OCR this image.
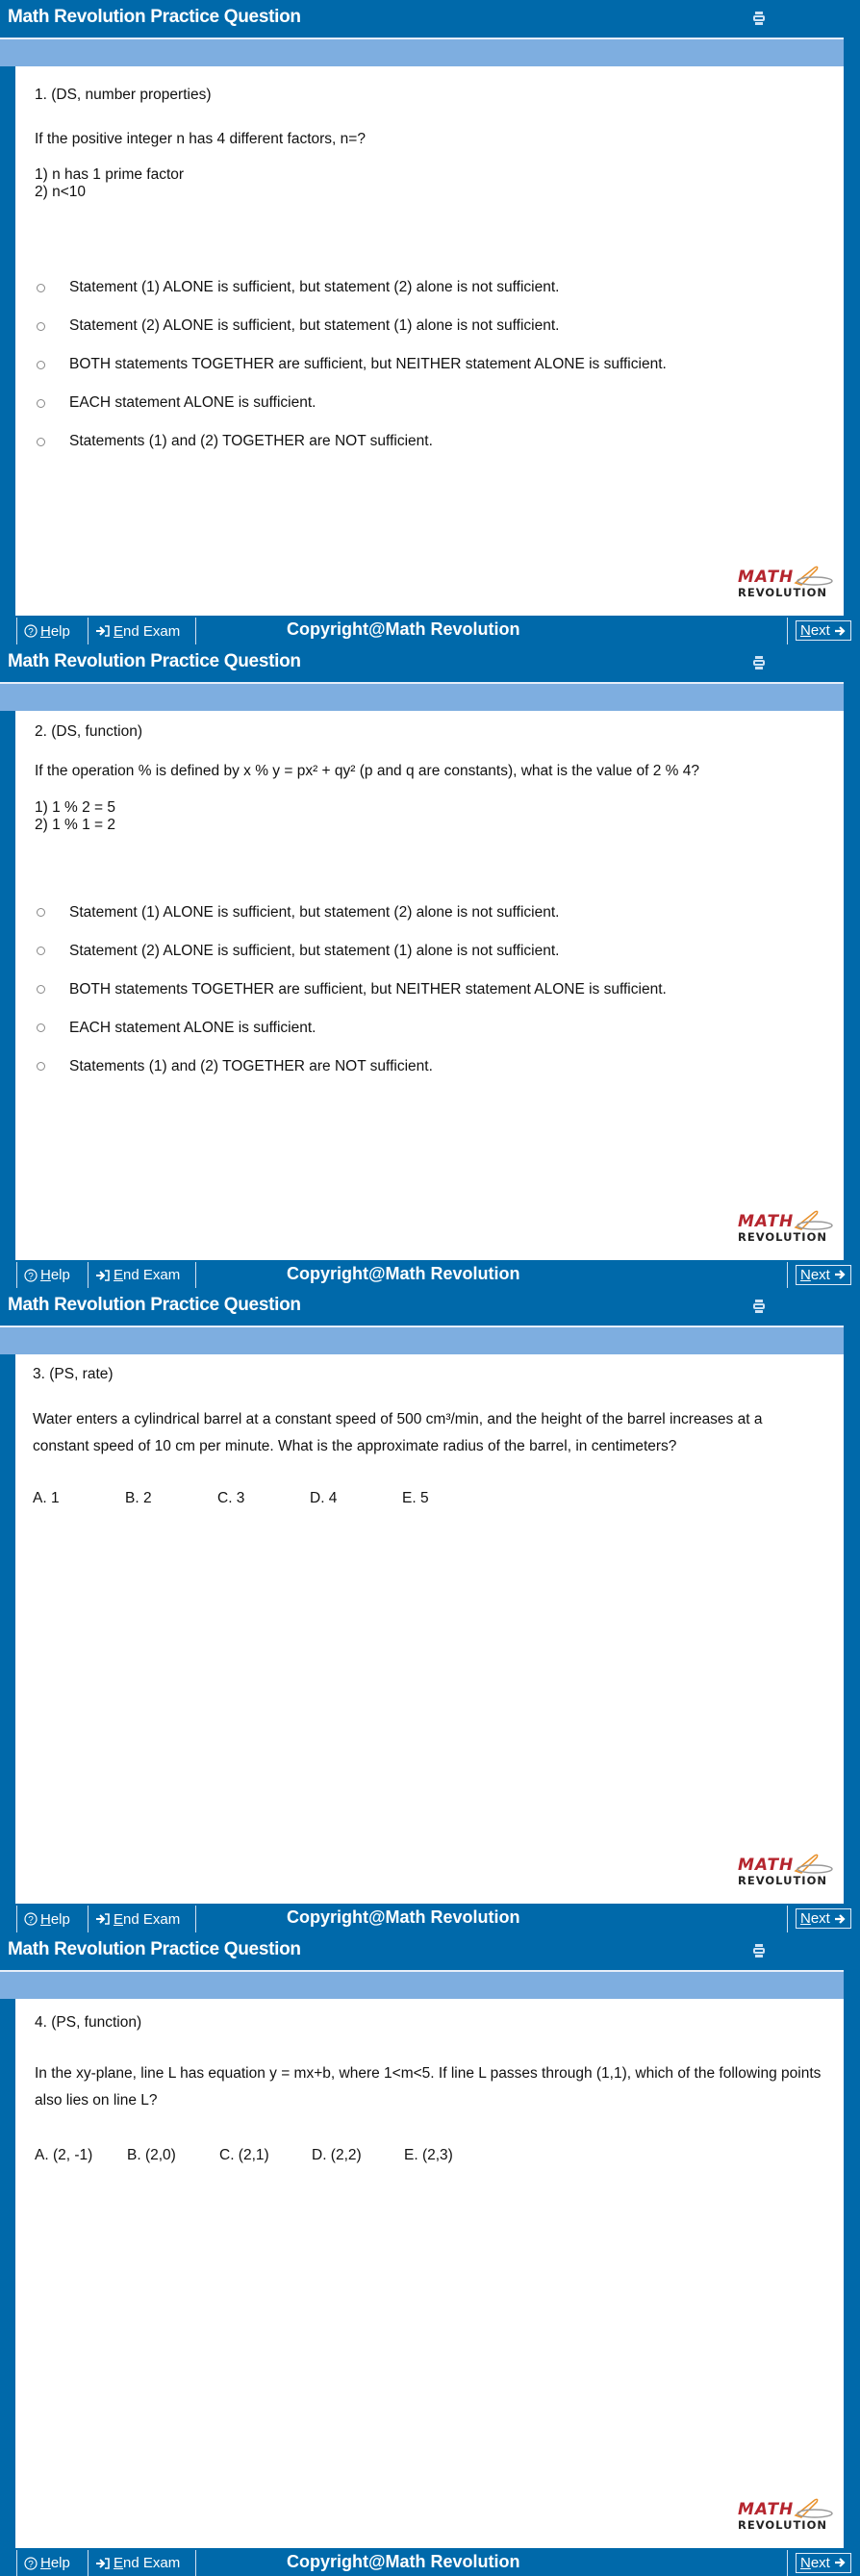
Math Revolution Practice Question
1. (DS, number properties)
If the positive integer n has 4 different factors, n=?
1) n has 1 prime factor
2) n<10
Statement (1) ALONE is sufficient, but statement (2) alone is not sufficient.
Statement (2) ALONE is sufficient, but statement (1) alone is not sufficient.
BOTH statements TOGETHER are sufficient, but NEITHER statement ALONE is sufficient.
EACH statement ALONE is sufficient.
Statements (1) and (2) TOGETHER are NOT sufficient.
MATH
REVOLUTION
? H elp	E nd Exam	Copyright@Math Revolution	N ext
Math Revolution Practice Question
2. (DS, function)
If the operation % is defined by x % y = px² + qy² (p and q are constants), what is the value of 2 % 4?
1) 1 % 2 = 5
2) 1 % 1 = 2
Statement (1) ALONE is sufficient, but statement (2) alone is not sufficient.
Statement (2) ALONE is sufficient, but statement (1) alone is not sufficient.
BOTH statements TOGETHER are sufficient, but NEITHER statement ALONE is sufficient.
EACH statement ALONE is sufficient.
Statements (1) and (2) TOGETHER are NOT sufficient.
MATH
REVOLUTION
? H elp	E nd Exam	Copyright@Math Revolution	N ext
Math Revolution Practice Question
3. (PS, rate)
Water enters a cylindrical barrel at a constant speed of 500 cm³/min, and the height of the barrel increases at a constant speed of 10 cm per minute. What is the approximate radius of the barrel, in centimeters?
A. 1	B. 2	C. 3	D. 4	E. 5
MATH
REVOLUTION
? H elp	E nd Exam	Copyright@Math Revolution	N ext
Math Revolution Practice Question
4. (PS, function)
In the xy-plane, line L has equation y = mx+b, where 1<m<5. If line L passes through (1,1), which of the following points also lies on line L?
A. (2, -1)	B. (2,0)	C. (2,1)	D. (2,2)	E. (2,3)
MATH
REVOLUTION
? H elp	E nd Exam	Copyright@Math Revolution	N ext
